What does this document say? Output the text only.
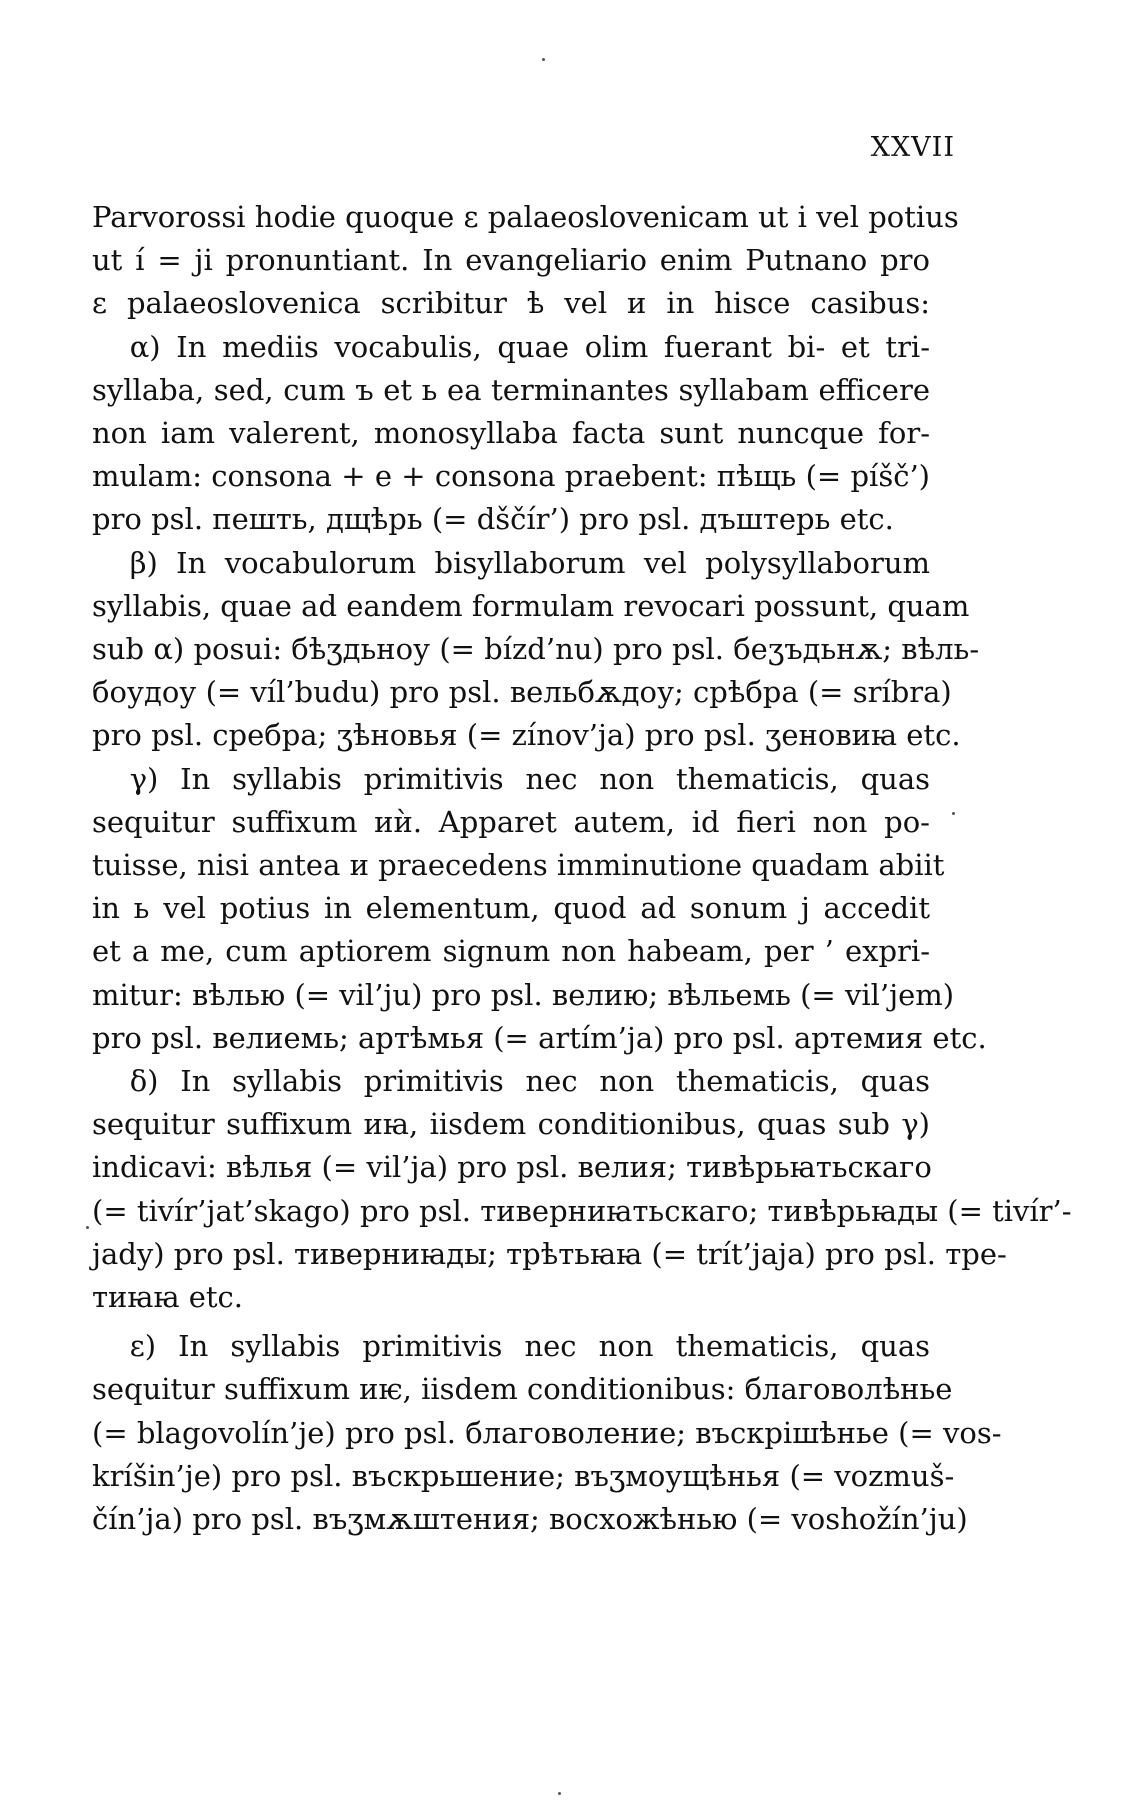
XXVII
Parvorossi hodie quoque ε palaeoslovenicam ut i vel potius
ut í = ji pronuntiant. In evangeliario enim Putnano pro
ε palaeoslovenica scribitur ѣ vel и in hisce casibus:
α) In mediis vocabulis, quae olim fuerant bi- et tri-
syllaba, sed, cum ъ et ь ea terminantes syllabam efficere
non iam valerent, monosyllaba facta sunt nuncque for-
mulam: consona + e + consona praebent: пѣщь (= píšč’)
pro psl. пешть, дщѣрь (= dščír’) pro psl. дъштерь etc.
β) In vocabulorum bisyllaborum vel polysyllaborum
syllabis, quae ad eandem formulam revocari possunt, quam
sub α) posui: бѣʒдьноу (= bízd’nu) pro psl. беʒъдьнѫ; вѣль-
боудоу (= víl’budu) pro psl. вельбѫдоу; срѣбра (= sríbra)
pro psl. сребра; ʒѣновья (= zínov’ja) pro psl. ʒеновиꙗ etc.
γ) In syllabis primitivis nec non thematicis, quas
sequitur suffixum иѝ. Apparet autem, id fieri non po-
tuisse, nisi antea и praecedens imminutione quadam abiit
in ь vel potius in elementum, quod ad sonum j accedit
et a me, cum aptiorem signum non habeam, per ’ expri-
mitur: вѣлью (= vil’ju) pro psl. велию; вѣльемь (= vil’jem)
pro psl. велиемь; артѣмья (= artím’ja) pro psl. артемия etc.
δ) In syllabis primitivis nec non thematicis, quas
sequitur suffixum иꙗ, iisdem conditionibus, quas sub γ)
indicavi: вѣлья (= vil’ja) pro psl. велия; тивѣрьꙗтьскаго
(= tivír’jat’skago) pro psl. тиверниꙗтьскаго; тивѣрьꙗды (= tivír’-
jady) pro psl. тиверниꙗды; трѣтьꙗꙗ (= trít’jaja) pro psl. тре-
тиꙗꙗ etc.
ε) In syllabis primitivis nec non thematicis, quas
sequitur suffixum иѥ, iisdem conditionibus: благоволѣнье
(= blagovolín’je) pro psl. благоволение; въскрішѣнье (= vos-
kríšin’je) pro psl. въскрьшение; въʒмоущѣнья (= vozmuš-
čín’ja) pro psl. въʒмѫштения; восхожѣнью (= voshožín’ju)
